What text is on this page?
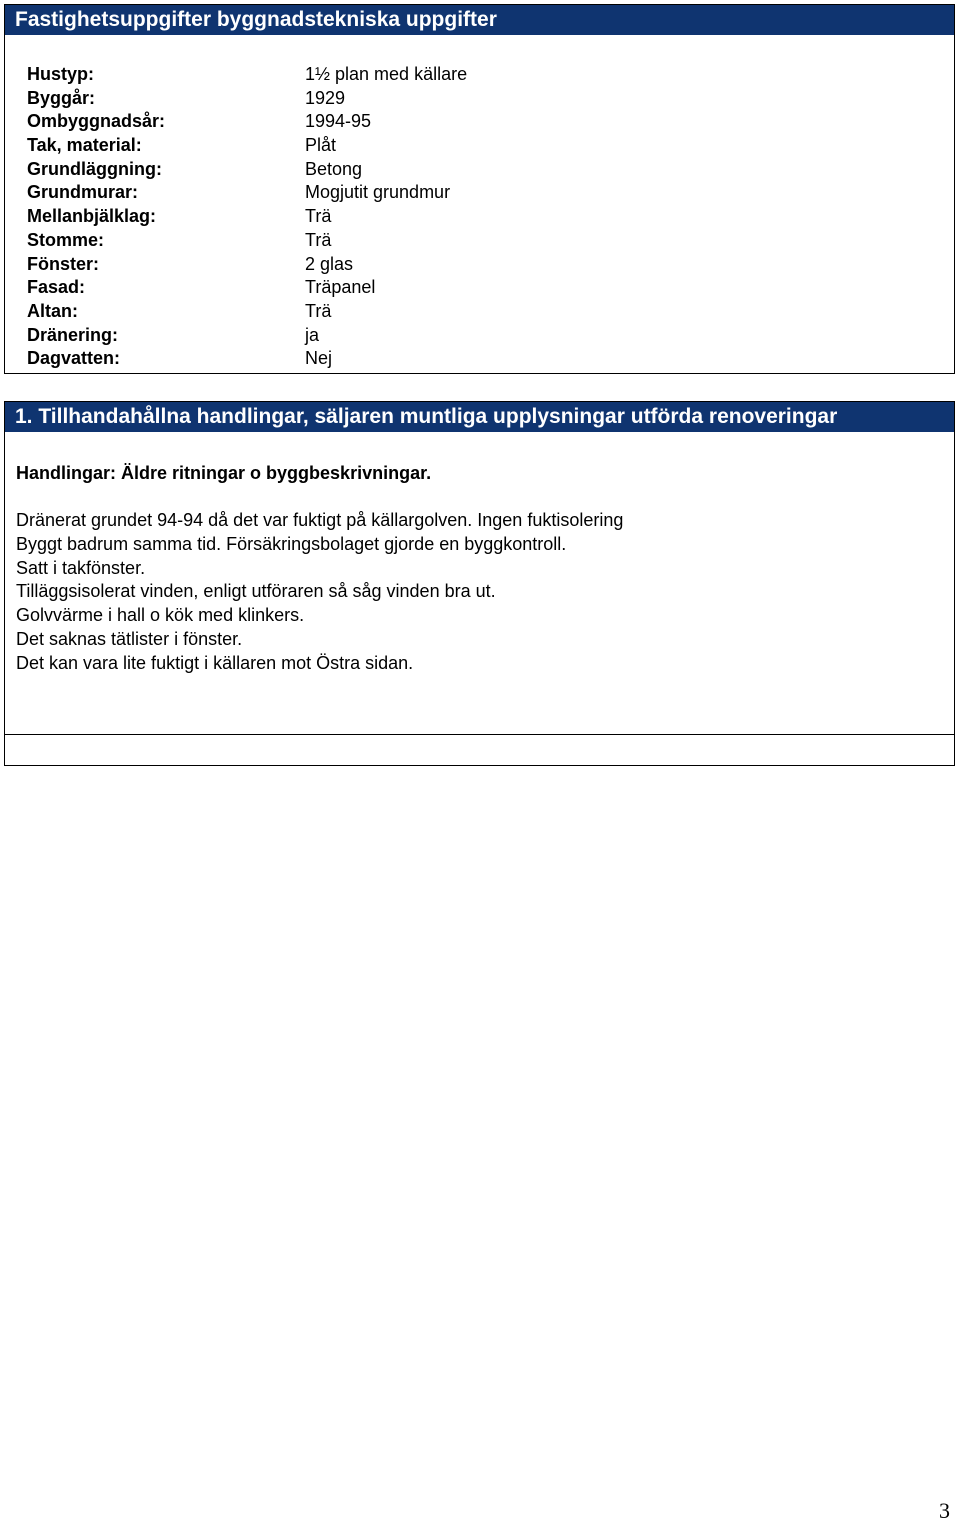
Fastighetsuppgifter byggnadstekniska uppgifter
Hustyp:	1½ plan med källare
Byggår:	1929
Ombyggnadsår:	1994-95
Tak, material:	Plåt
Grundläggning:	Betong
Grundmurar:	Mogjutit grundmur
Mellanbjälklag:	Trä
Stomme:	Trä
Fönster:	2 glas
Fasad:	Träpanel
Altan:	Trä
Dränering:	ja
Dagvatten:	Nej
1. Tillhandahållna handlingar, säljaren muntliga upplysningar utförda renoveringar
Handlingar: Äldre ritningar o byggbeskrivningar.
Dränerat grundet 94-94 då det var fuktigt på källargolven. Ingen fuktisolering
Byggt badrum samma tid. Försäkringsbolaget gjorde en byggkontroll.
Satt i takfönster.
Tilläggsisolerat vinden, enligt utföraren så såg vinden bra ut.
Golvvärme i hall o kök med klinkers.
Det saknas tätlister i fönster.
Det kan vara lite fuktigt i källaren mot Östra sidan.
3
